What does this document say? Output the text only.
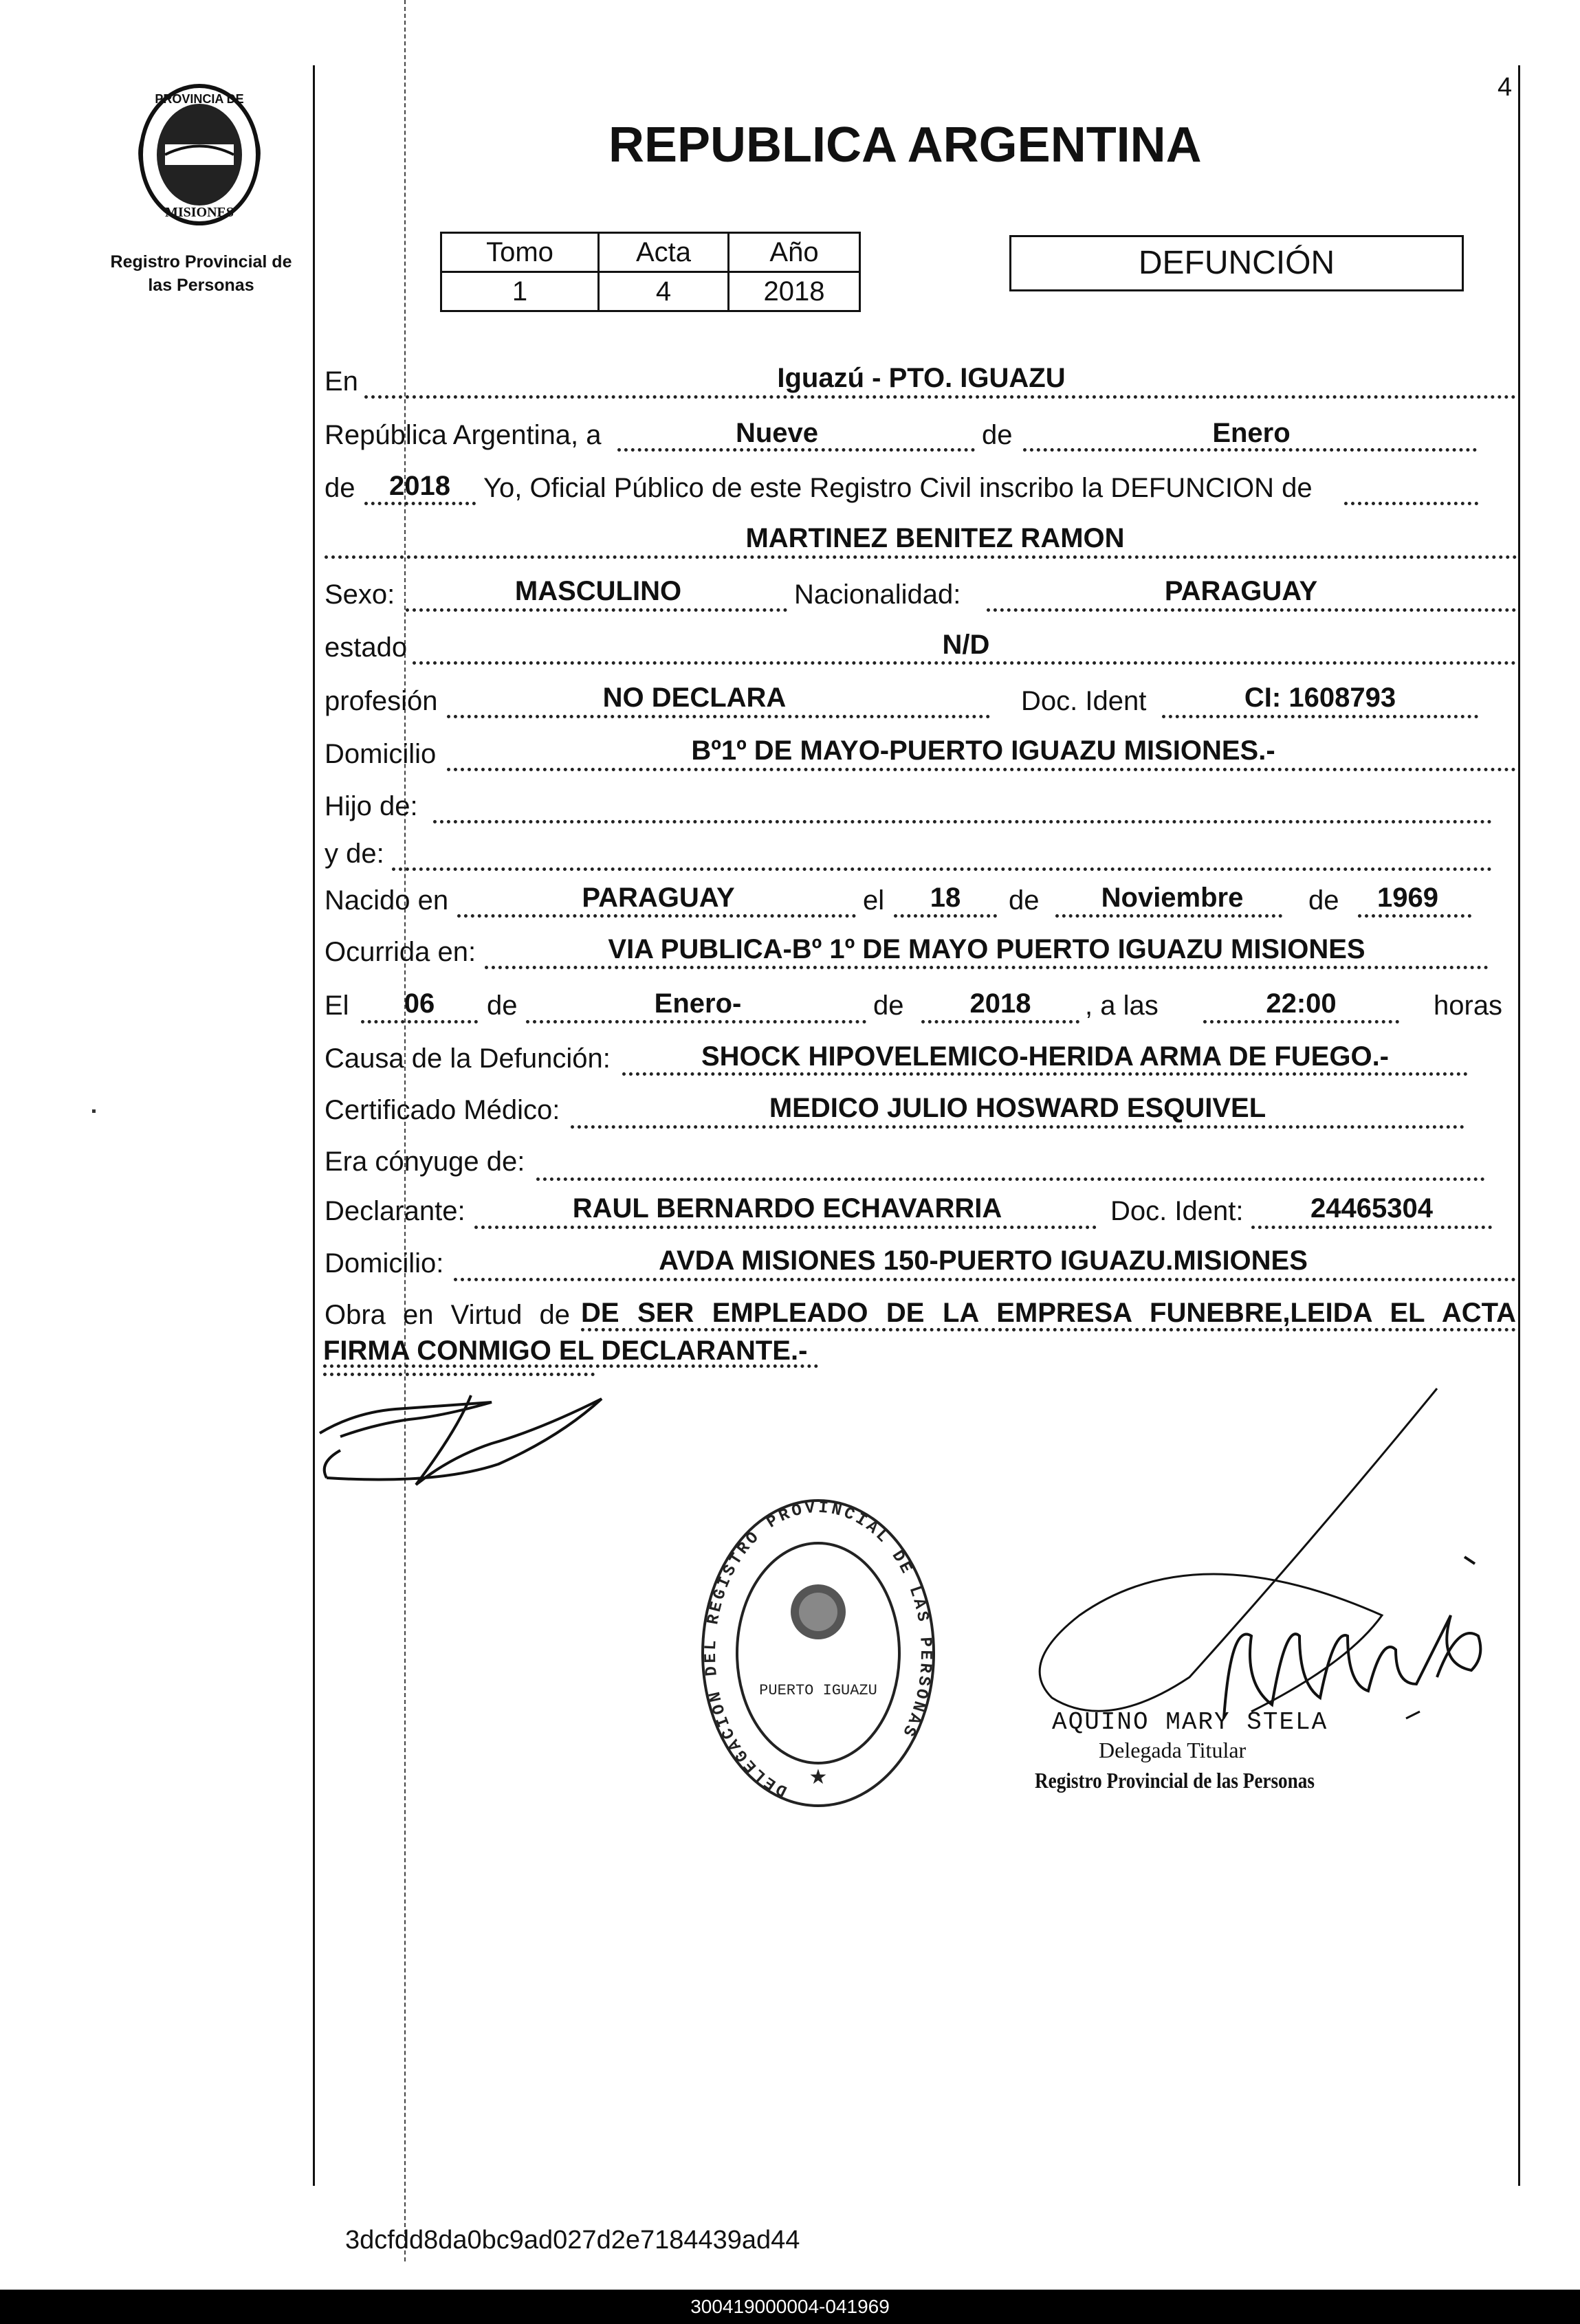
4
PROVINCIA DE
MISIONES
Registro Provincial de las Personas
REPUBLICA ARGENTINA
Tomo	Acta	Año
1	4	2018
DEFUNCIÓN
En	Iguazú - PTO. IGUAZU
República Argentina, a	Nueve	de	Enero
de	2018	Yo, Oficial Público de este Registro Civil inscribo la DEFUNCION de
MARTINEZ BENITEZ RAMON
Sexo:	MASCULINO	Nacionalidad:	PARAGUAY
estado	N/D
profesión	NO DECLARA	Doc. Ident	CI: 1608793
Domicilio	Bº1º DE MAYO-PUERTO IGUAZU MISIONES.-
Hijo de:
y de:
Nacido en	PARAGUAY	el	18	de	Noviembre	de	1969
Ocurrida en:	VIA PUBLICA-Bº 1º DE MAYO PUERTO IGUAZU MISIONES
El	06	de	Enero-	de	2018	, a las	22:00	horas
Causa de la Defunción:	SHOCK HIPOVELEMICO-HERIDA ARMA DE FUEGO.-
Certificado Médico:	MEDICO JULIO HOSWARD ESQUIVEL
Era cónyuge de:
Declarante:	RAUL BERNARDO ECHAVARRIA	Doc. Ident:	24465304
Domicilio:	AVDA MISIONES 150-PUERTO IGUAZU.MISIONES
Obra en Virtud de DE SER EMPLEADO DE LA EMPRESA FUNEBRE,LEIDA EL ACTA
FIRMA CONMIGO EL DECLARANTE.-
DELEGACION DEL REGISTRO PROVINCIAL DE LAS PERSONAS
PUERTO IGUAZU
★
AQUINO MARY STELA
Delegada Titular
Registro Provincial de las Personas
3dcfdd8da0bc9ad027d2e7184439ad44
300419000004-041969
